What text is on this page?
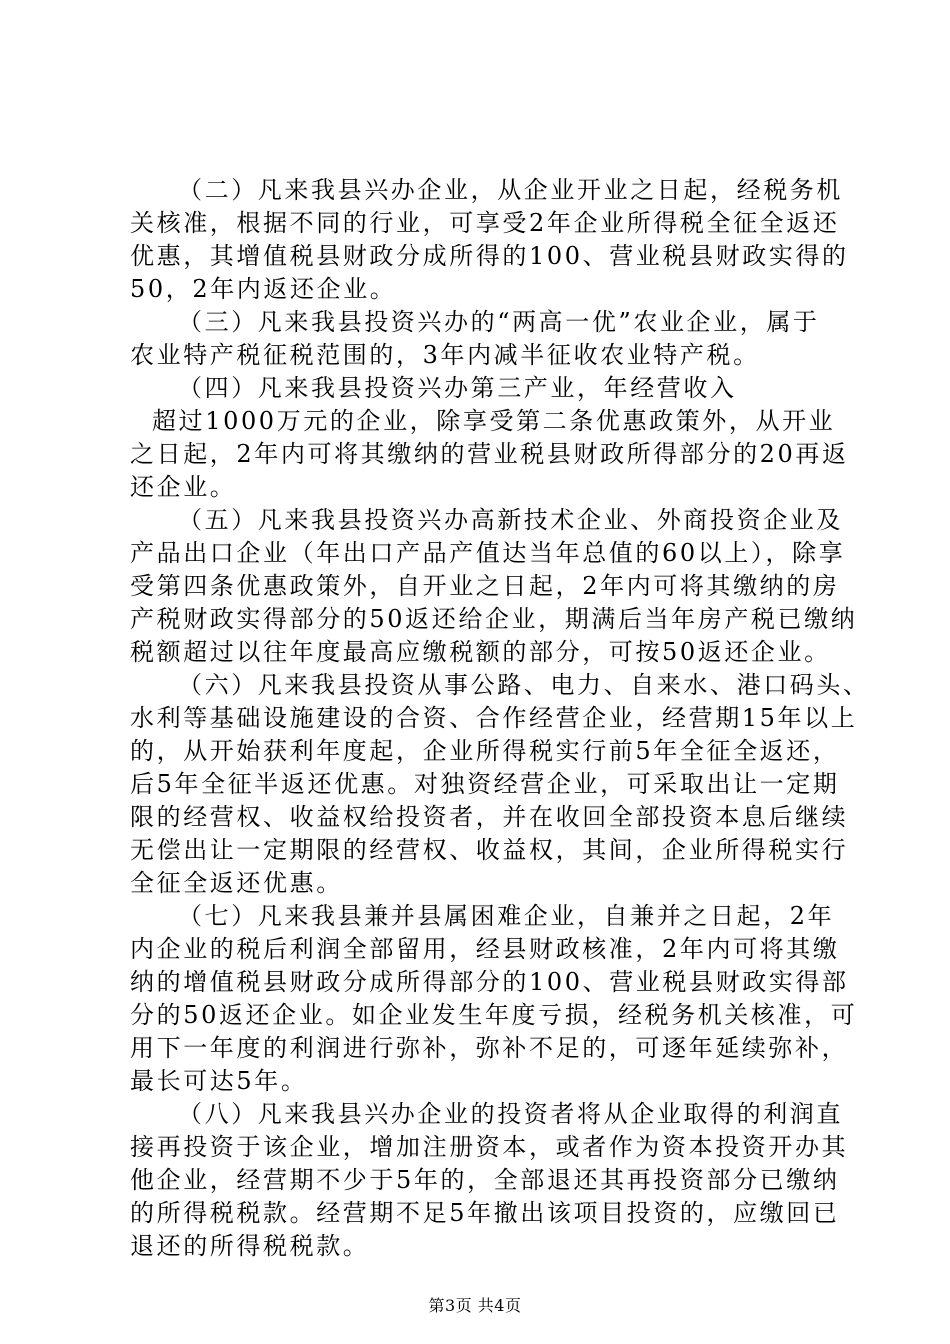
（二）凡来我县兴办企业，从企业开业之日起，经税务机
关核准，根据不同的行业，可享受2年企业所得税全征全返还
优惠，其增值税县财政分成所得的100、营业税县财政实得的
50，2年内返还企业。
（三）凡来我县投资兴办的“两高一优”农业企业，属于
农业特产税征税范围的，3年内减半征收农业特产税。
（四）凡来我县投资兴办第三产业，年经营收入
超过1000万元的企业，除享受第二条优惠政策外，从开业
之日起，2年内可将其缴纳的营业税县财政所得部分的20再返
还企业。
（五）凡来我县投资兴办高新技术企业、外商投资企业及
产品出口企业（年出口产品产值达当年总值的60以上），除享
受第四条优惠政策外，自开业之日起，2年内可将其缴纳的房
产税财政实得部分的50返还给企业，期满后当年房产税已缴纳
税额超过以往年度最高应缴税额的部分，可按50返还企业。
（六）凡来我县投资从事公路、电力、自来水、港口码头、
水利等基础设施建设的合资、合作经营企业，经营期15年以上
的，从开始获利年度起，企业所得税实行前5年全征全返还，
后5年全征半返还优惠。对独资经营企业，可采取出让一定期
限的经营权、收益权给投资者，并在收回全部投资本息后继续
无偿出让一定期限的经营权、收益权，其间，企业所得税实行
全征全返还优惠。
（七）凡来我县兼并县属困难企业，自兼并之日起，2年
内企业的税后利润全部留用，经县财政核准，2年内可将其缴
纳的增值税县财政分成所得部分的100、营业税县财政实得部
分的50返还企业。如企业发生年度亏损，经税务机关核准，可
用下一年度的利润进行弥补，弥补不足的，可逐年延续弥补，
最长可达5年。
（八）凡来我县兴办企业的投资者将从企业取得的利润直
接再投资于该企业，增加注册资本，或者作为资本投资开办其
他企业，经营期不少于5年的，全部退还其再投资部分已缴纳
的所得税税款。经营期不足5年撤出该项目投资的，应缴回已
退还的所得税税款。
第3页 共4页
